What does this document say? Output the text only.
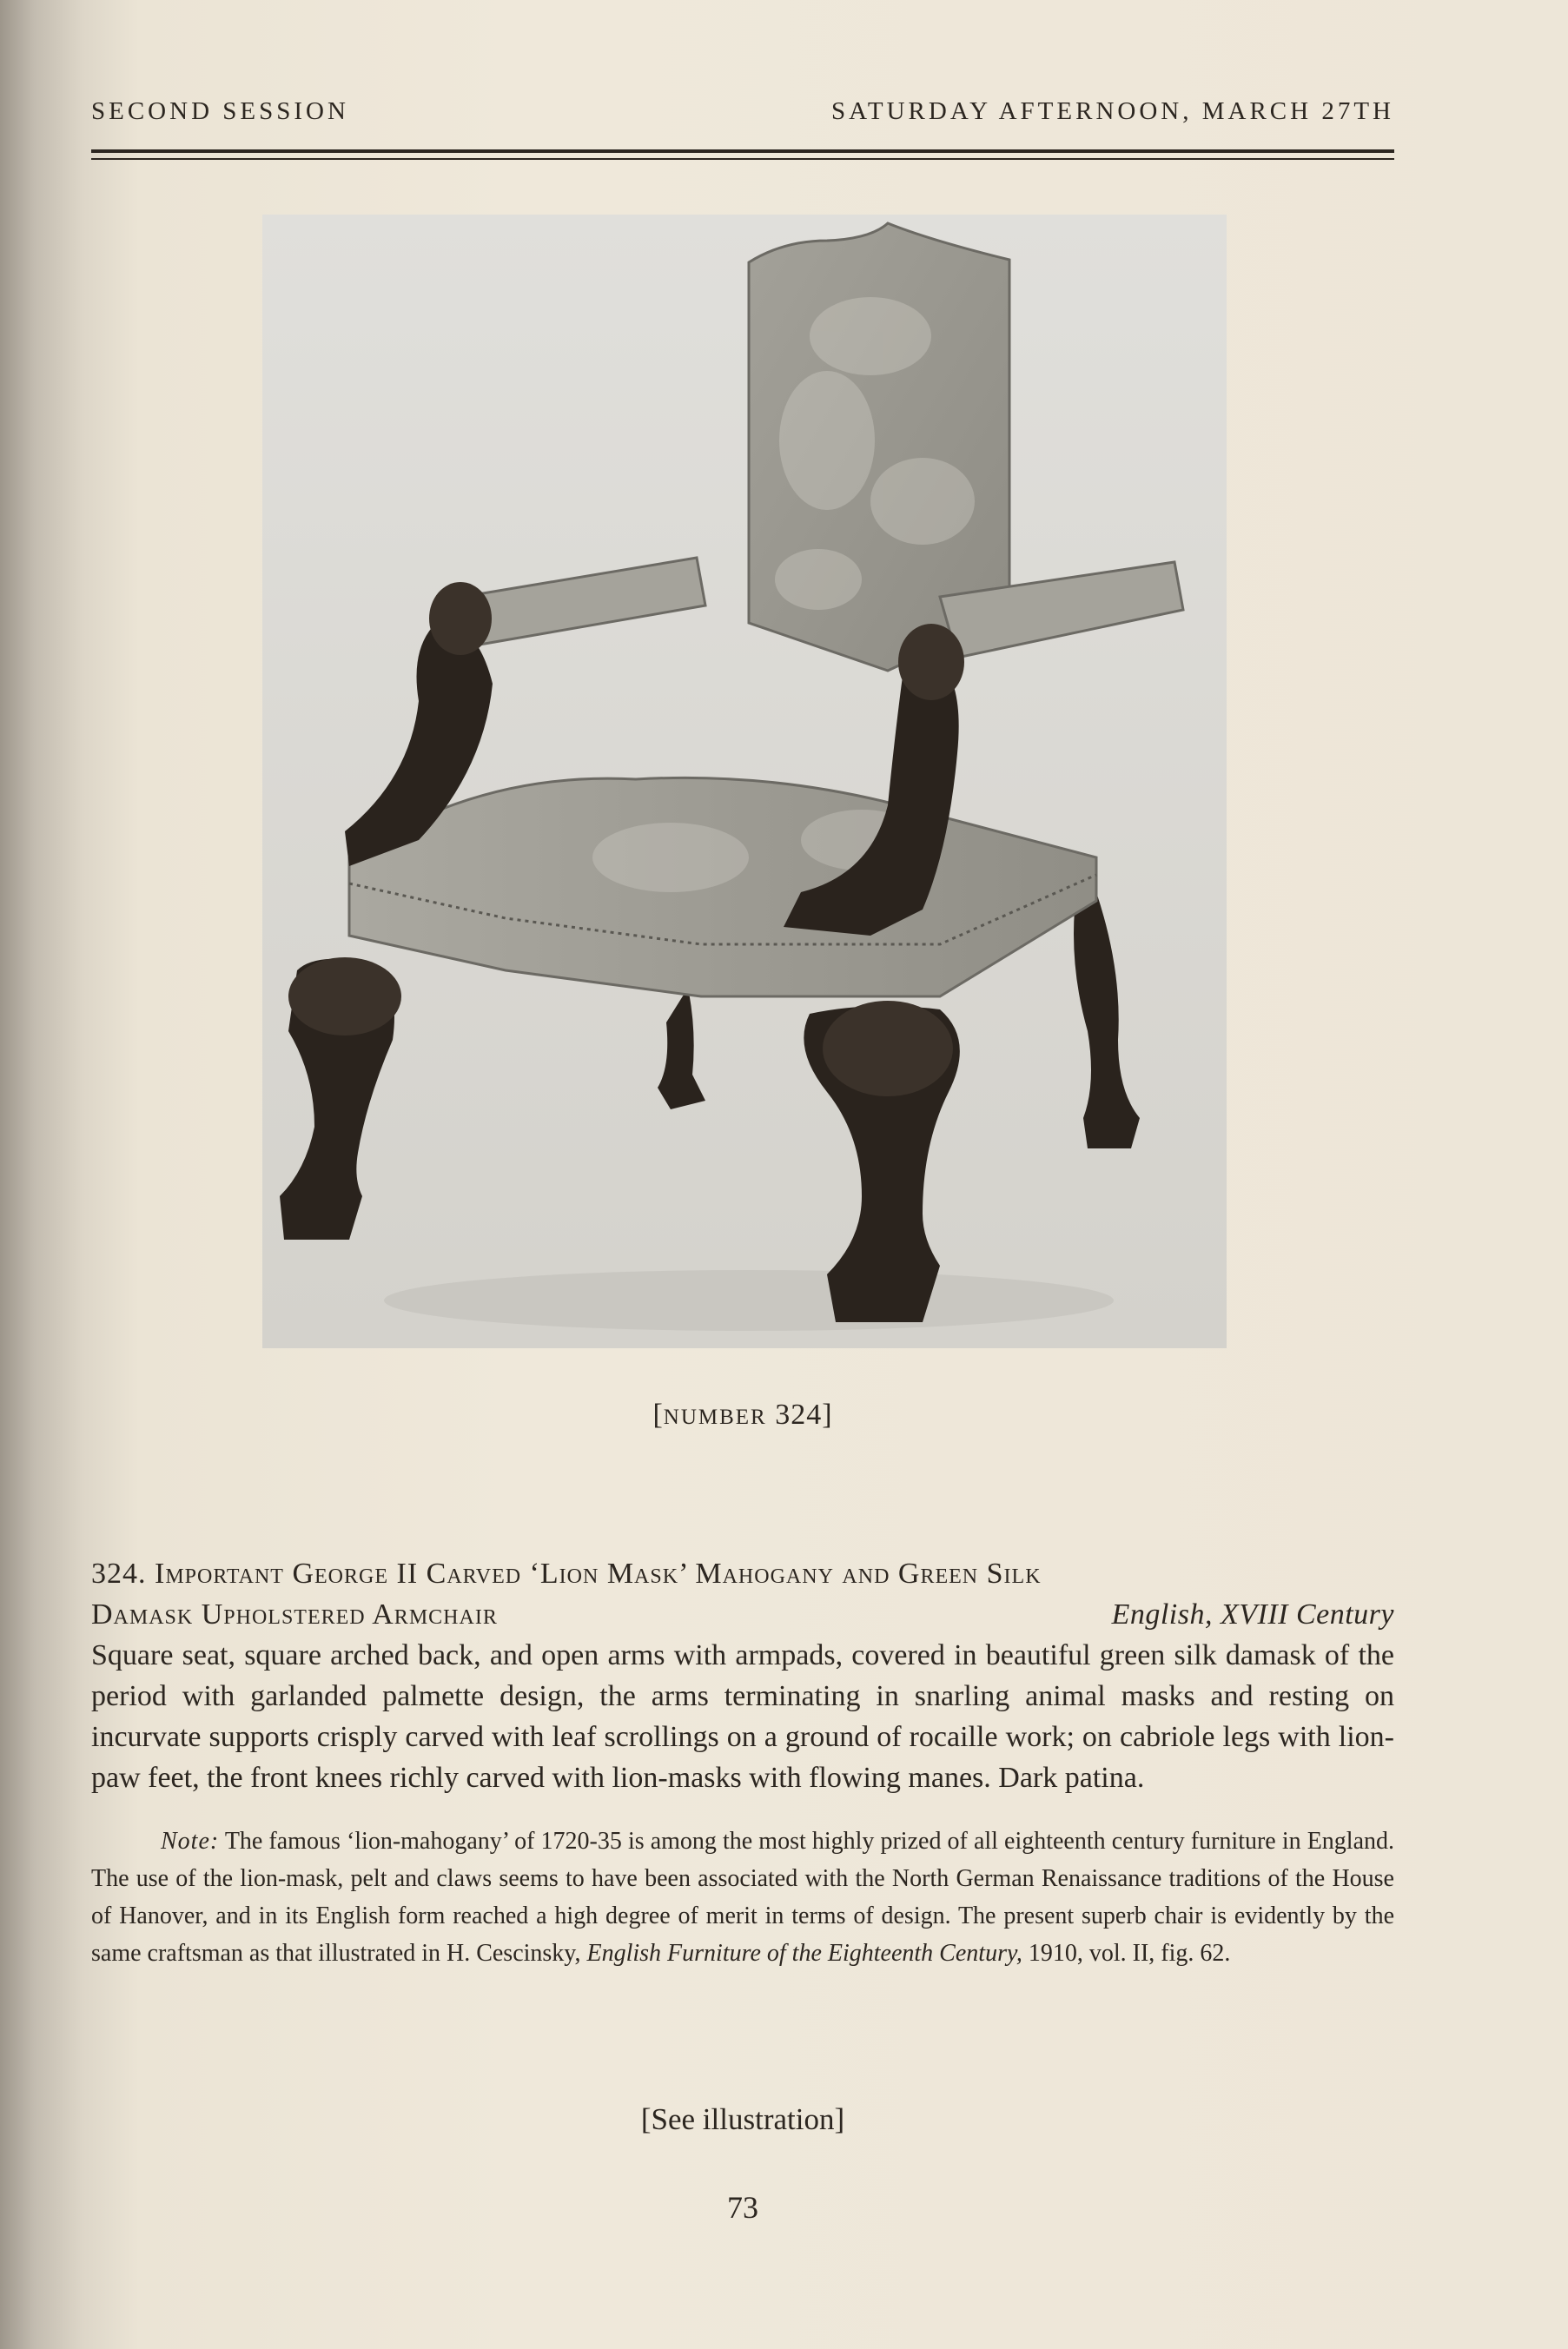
SECOND SESSION	SATURDAY AFTERNOON, MARCH 27TH
[NUMBER 324]
324. Important George II Carved ‘Lion Mask’ Mahogany and Green Silk
Damask Upholstered Armchair	English, XVIII Century

Square seat, square arched back, and open arms with armpads, covered in beautiful green silk damask of the period with garlanded palmette design, the arms terminating in snarling animal masks and resting on incurvate supports crisply carved with leaf scrollings on a ground of rocaille work; on cabriole legs with lion-paw feet, the front knees richly carved with lion-masks with flowing manes. Dark patina.

Note: The famous ‘lion-mahogany’ of 1720-35 is among the most highly prized of all eighteenth century furniture in England. The use of the lion-mask, pelt and claws seems to have been associated with the North German Renaissance traditions of the House of Hanover, and in its English form reached a high degree of merit in terms of design. The present superb chair is evidently by the same craftsman as that illustrated in H. Cescinsky, English Furniture of the Eighteenth Century, 1910, vol. II, fig. 62.
[See illustration]
73
